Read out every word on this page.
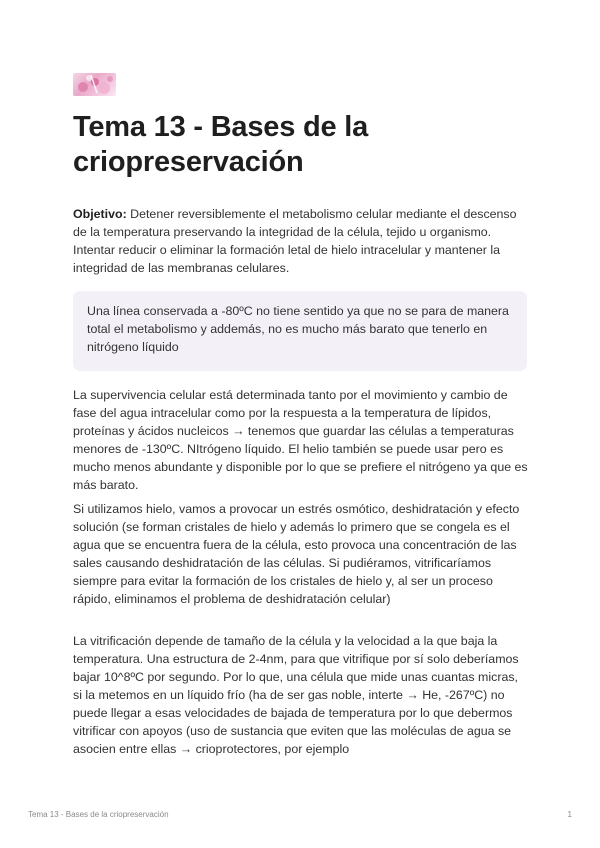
Tema 13 - Bases de la criopreservación

Objetivo: Detener reversiblemente el metabolismo celular mediante el descenso de la temperatura preservando la integridad de la célula, tejido u organismo. Intentar reducir o eliminar la formación letal de hielo intracelular y mantener la integridad de las membranas celulares.

Una línea conservada a -80ºC no tiene sentido ya que no se para de manera total el metabolismo y addemás, no es mucho más barato que tenerlo en nitrógeno líquido

La supervivencia celular está determinada tanto por el movimiento y cambio de fase del agua intracelular como por la respuesta a la temperatura de lípidos, proteínas y ácidos nucleicos → tenemos que guardar las células a temperaturas menores de -130ºC. NItrógeno líquido. El helio también se puede usar pero es mucho menos abundante y disponible por lo que se prefiere el nitrógeno ya que es más barato.

Si utilizamos hielo, vamos a provocar un estrés osmótico, deshidratación y efecto solución (se forman cristales de hielo y además lo primero que se congela es el agua que se encuentra fuera de la célula, esto provoca una concentración de las sales causando deshidratación de las células. Si pudiéramos, vitrificaríamos siempre para evitar la formación de los cristales de hielo y, al ser un proceso rápido, eliminamos el problema de deshidratación celular)

La vitrificación depende de tamaño de la célula y la velocidad a la que baja la temperatura. Una estructura de 2-4nm, para que vitrifique por sí solo deberíamos bajar 10^8ºC por segundo. Por lo que, una célula que mide unas cuantas micras, si la metemos en un líquido frío (ha de ser gas noble, interte → He, -267ºC) no puede llegar a esas velocidades de bajada de temperatura por lo que debermos vitrificar con apoyos (uso de sustancia que eviten que las moléculas de agua se asocien entre ellas → crioprotectores, por ejemplo

Tema 13 - Bases de la criopreservación	1
